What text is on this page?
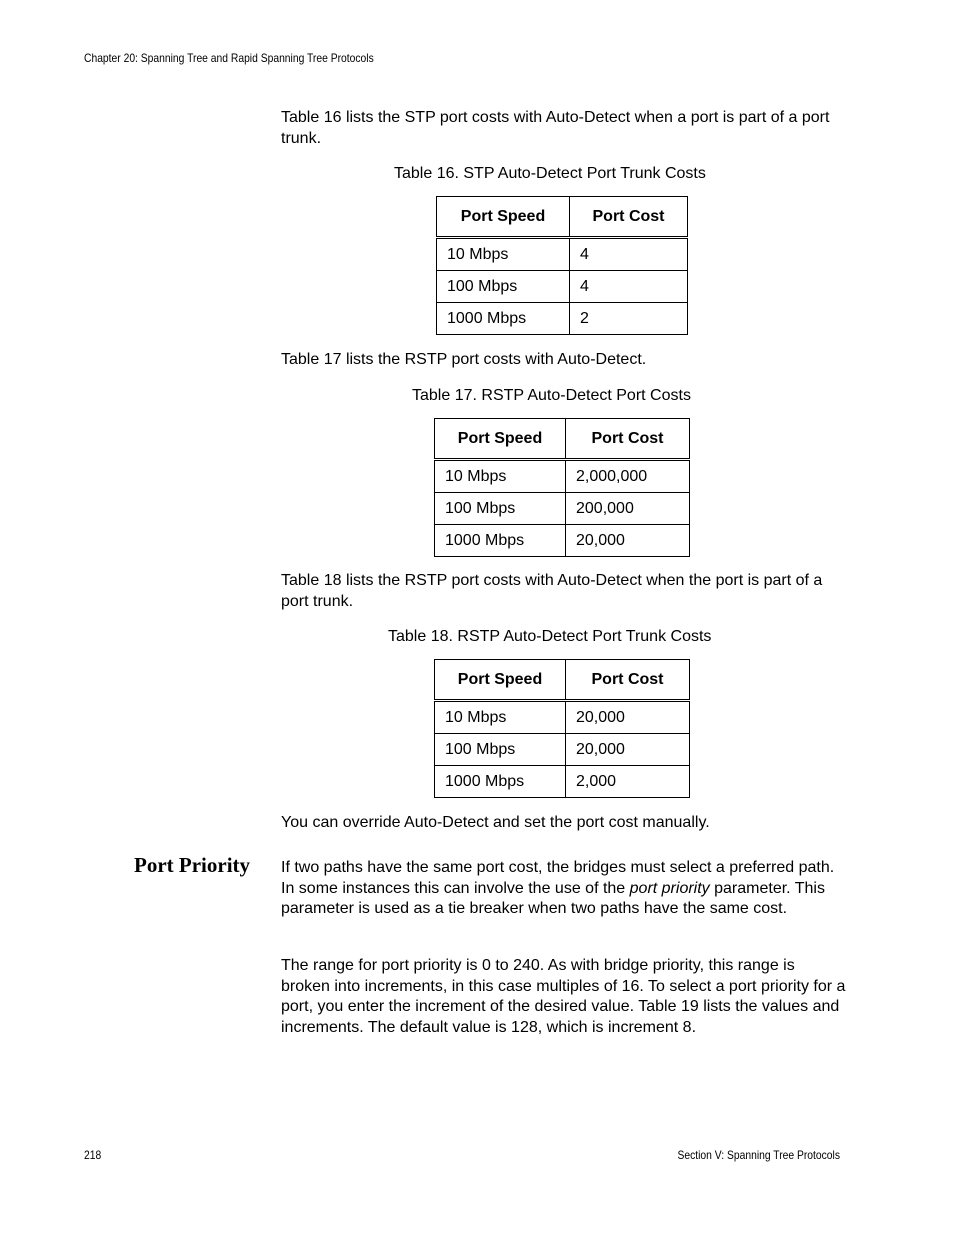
Chapter 20: Spanning Tree and Rapid Spanning Tree Protocols
Table 16 lists the STP port costs with Auto-Detect when a port is part of a port trunk.
Table 16. STP Auto-Detect Port Trunk Costs
Port Speed	Port Cost
10 Mbps	4
100 Mbps	4
1000 Mbps	2
Table 17 lists the RSTP port costs with Auto-Detect.
Table 17. RSTP Auto-Detect Port Costs
Port Speed	Port Cost
10 Mbps	2,000,000
100 Mbps	200,000
1000 Mbps	20,000
Table 18 lists the RSTP port costs with Auto-Detect when the port is part of a port trunk.
Table 18. RSTP Auto-Detect Port Trunk Costs
Port Speed	Port Cost
10 Mbps	20,000
100 Mbps	20,000
1000 Mbps	2,000
You can override Auto-Detect and set the port cost manually.
Port Priority If two paths have the same port cost, the bridges must select a preferred path. In some instances this can involve the use of the port priority parameter. This parameter is used as a tie breaker when two paths have the same cost.
The range for port priority is 0 to 240. As with bridge priority, this range is broken into increments, in this case multiples of 16. To select a port priority for a port, you enter the increment of the desired value. Table 19 lists the values and increments. The default value is 128, which is increment 8.
218	Section V: Spanning Tree Protocols
